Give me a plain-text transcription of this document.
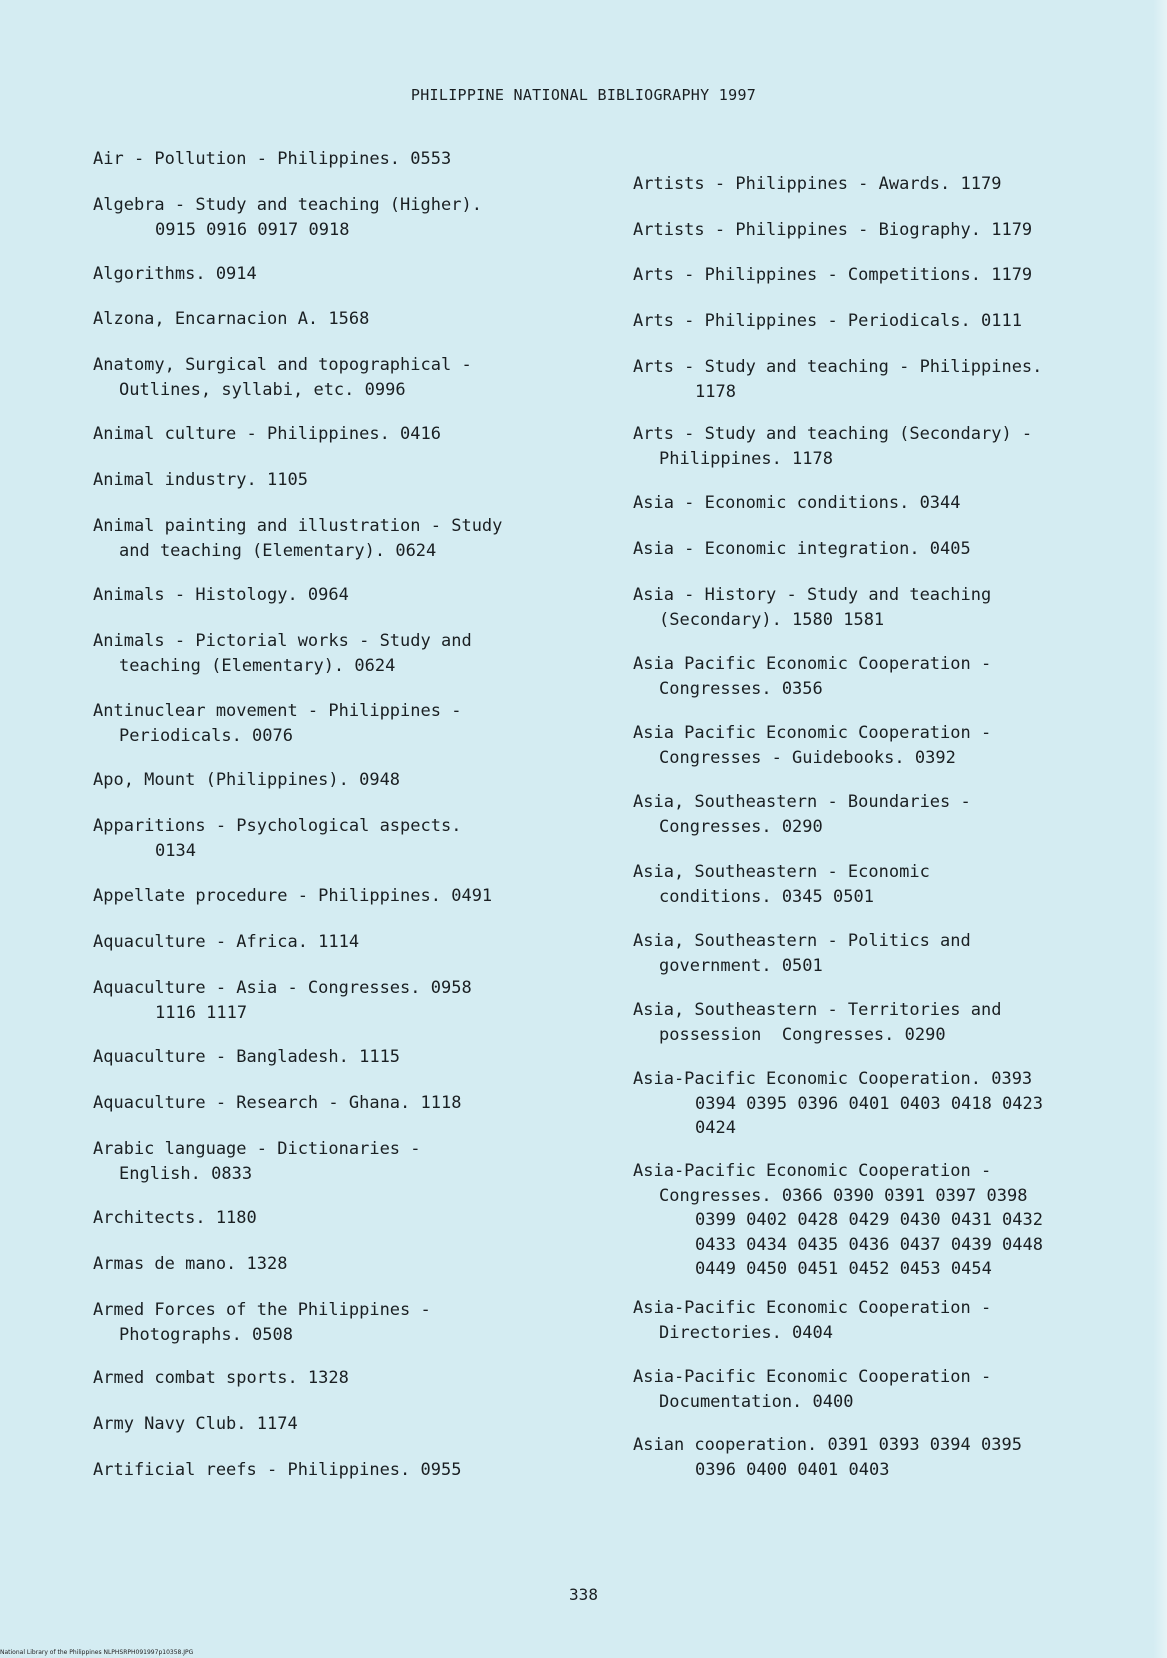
PHILIPPINE NATIONAL BIBLIOGRAPHY 1997
Air - Pollution - Philippines. 0553
Algebra - Study and teaching (Higher).
0915 0916 0917 0918
Algorithms. 0914
Alzona, Encarnacion A. 1568
Anatomy, Surgical and topographical -
Outlines, syllabi, etc. 0996
Animal culture - Philippines. 0416
Animal industry. 1105
Animal painting and illustration - Study
and teaching (Elementary). 0624
Animals - Histology. 0964
Animals - Pictorial works - Study and
teaching (Elementary). 0624
Antinuclear movement - Philippines -
Periodicals. 0076
Apo, Mount (Philippines). 0948
Apparitions - Psychological aspects.
0134
Appellate procedure - Philippines. 0491
Aquaculture - Africa. 1114
Aquaculture - Asia - Congresses. 0958
1116 1117
Aquaculture - Bangladesh. 1115
Aquaculture - Research - Ghana. 1118
Arabic language - Dictionaries -
English. 0833
Architects. 1180
Armas de mano. 1328
Armed Forces of the Philippines -
Photographs. 0508
Armed combat sports. 1328
Army Navy Club. 1174
Artificial reefs - Philippines. 0955
Artists - Philippines - Awards. 1179
Artists - Philippines - Biography. 1179
Arts - Philippines - Competitions. 1179
Arts - Philippines - Periodicals. 0111
Arts - Study and teaching - Philippines.
1178
Arts - Study and teaching (Secondary) -
Philippines. 1178
Asia - Economic conditions. 0344
Asia - Economic integration. 0405
Asia - History - Study and teaching
(Secondary). 1580 1581
Asia Pacific Economic Cooperation -
Congresses. 0356
Asia Pacific Economic Cooperation -
Congresses - Guidebooks. 0392
Asia, Southeastern - Boundaries -
Congresses. 0290
Asia, Southeastern - Economic
conditions. 0345 0501
Asia, Southeastern - Politics and
government. 0501
Asia, Southeastern - Territories and
possession  Congresses. 0290
Asia-Pacific Economic Cooperation. 0393
0394 0395 0396 0401 0403 0418 0423
0424
Asia-Pacific Economic Cooperation -
Congresses. 0366 0390 0391 0397 0398
0399 0402 0428 0429 0430 0431 0432
0433 0434 0435 0436 0437 0439 0448
0449 0450 0451 0452 0453 0454
Asia-Pacific Economic Cooperation -
Directories. 0404
Asia-Pacific Economic Cooperation -
Documentation. 0400
Asian cooperation. 0391 0393 0394 0395
0396 0400 0401 0403
338
National Library of the Philippines NLPHSRPH091997p10358.JPG
